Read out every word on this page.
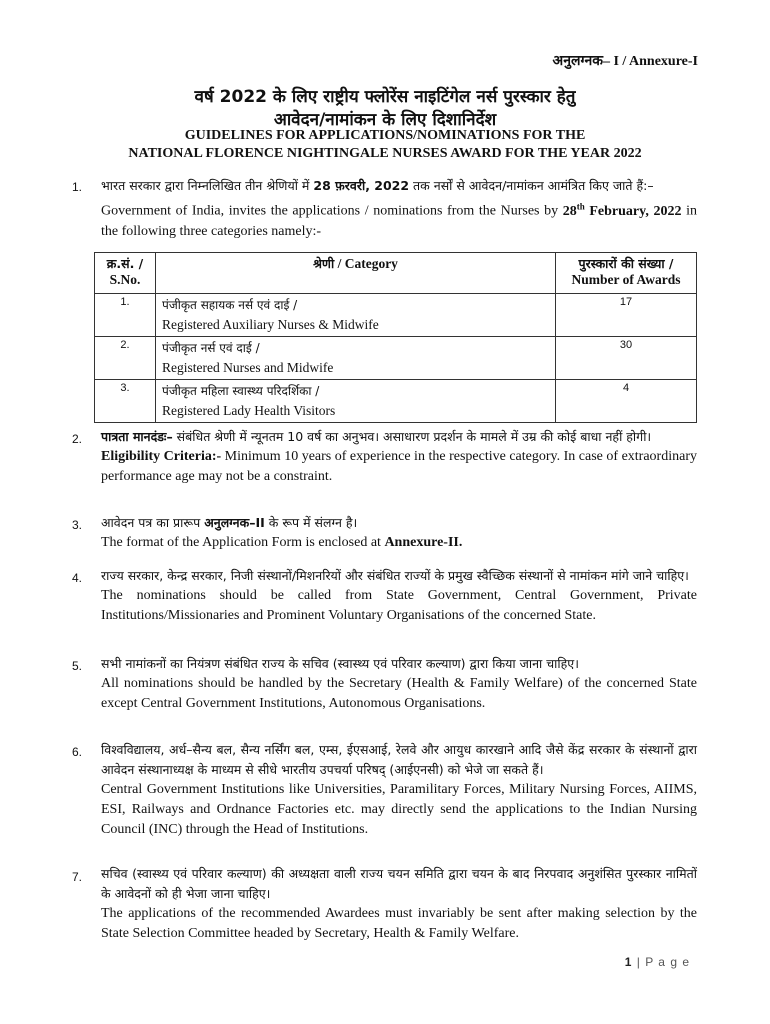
अनुलग्नक– I / Annexure-I
वर्ष 2022 के लिए राष्ट्रीय फ्लोरेंस नाइटिंगेल नर्स पुरस्कार हेतु
आवेदन/नामांकन के लिए दिशानिर्देश
GUIDELINES FOR APPLICATIONS/NOMINATIONS FOR THE
NATIONAL FLORENCE NIGHTINGALE NURSES AWARD FOR THE YEAR 2022
1. भारत सरकार द्वारा निम्नलिखित तीन श्रेणियों में 28 फ़रवरी, 2022 तक नर्सों से आवेदन/नामांकन आमंत्रित किए जाते हैं:–
Government of India, invites the applications / nominations from the Nurses by 28th February, 2022 in the following three categories namely:-
क्र.सं. /
S.No.	श्रेणी / Category	पुरस्कारों की संख्या /
Number of Awards
1.	पंजीकृत सहायक नर्स एवं दाई /
Registered Auxiliary Nurses & Midwife	17
2.	पंजीकृत नर्स एवं दाई /
Registered Nurses and Midwife	30
3.	पंजीकृत महिला स्वास्थ्य परिदर्शिका /
Registered Lady Health Visitors	4
2. पात्रता मानदंडः– संबंधित श्रेणी में न्यूनतम 10 वर्ष का अनुभव। असाधारण प्रदर्शन के मामले में उम्र की कोई बाधा नहीं होगी।
Eligibility Criteria:- Minimum 10 years of experience in the respective category. In case of extraordinary performance age may not be a constraint.
3. आवेदन पत्र का प्रारूप अनुलग्नक–II के रूप में संलग्न है।
The format of the Application Form is enclosed at Annexure-II.
4. राज्य सरकार, केन्द्र सरकार, निजी संस्थानों/मिशनरियों और संबंधित राज्यों के प्रमुख स्वैच्छिक संस्थानों से नामांकन मांगे जाने चाहिए।
The nominations should be called from State Government, Central Government, Private Institutions/Missionaries and Prominent Voluntary Organisations of the concerned State.
5. सभी नामांकनों का नियंत्रण संबंधित राज्य के सचिव (स्वास्थ्य एवं परिवार कल्याण) द्वारा किया जाना चाहिए।
All nominations should be handled by the Secretary (Health & Family Welfare) of the concerned State except Central Government Institutions, Autonomous Organisations.
6. विश्वविद्यालय, अर्ध–सैन्य बल, सैन्य नर्सिंग बल, एम्स, ईएसआई, रेलवे और आयुध कारखाने आदि जैसे केंद्र सरकार के संस्थानों द्वारा आवेदन संस्थानाध्यक्ष के माध्यम से सीधे भारतीय उपचर्या परिषद् (आईएनसी) को भेजे जा सकते हैं।
Central Government Institutions like Universities, Paramilitary Forces, Military Nursing Forces, AIIMS, ESI, Railways and Ordnance Factories etc. may directly send the applications to the Indian Nursing Council (INC) through the Head of Institutions.
7. सचिव (स्वास्थ्य एवं परिवार कल्याण) की अध्यक्षता वाली राज्य चयन समिति द्वारा चयन के बाद निरपवाद अनुशंसित पुरस्कार नामितों के आवेदनों को ही भेजा जाना चाहिए।
The applications of the recommended Awardees must invariably be sent after making selection by the State Selection Committee headed by Secretary, Health & Family Welfare.
1 | P a g e
